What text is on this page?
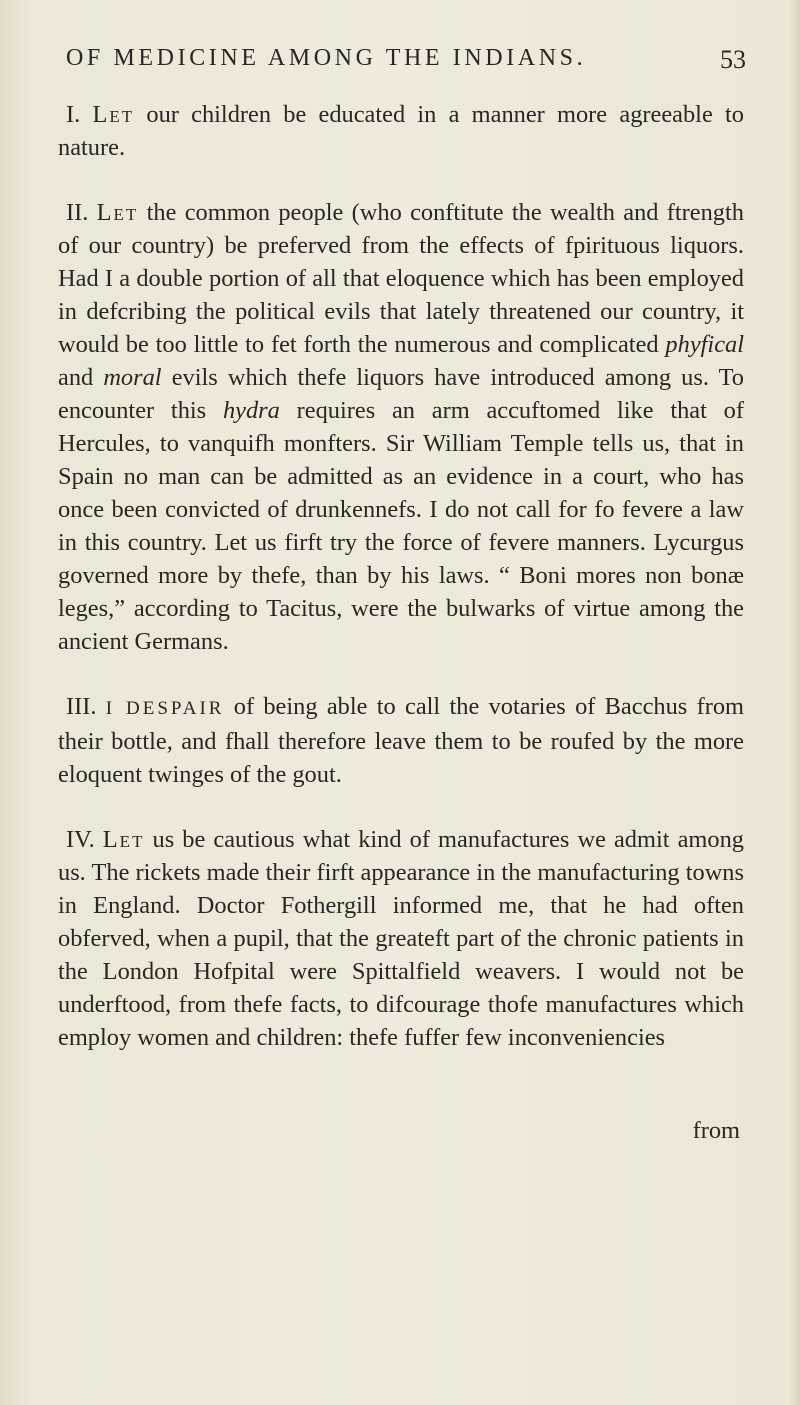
OF MEDICINE AMONG THE INDIANS.	53

I. Let our children be educated in a manner more agreeable to nature.

II. Let the common people (who conftitute the wealth and ftrength of our country) be preferved from the effects of fpirituous liquors. Had I a double portion of all that eloquence which has been employed in defcribing the political evils that lately threatened our country, it would be too little to fet forth the numerous and complicated phyfical and moral evils which thefe liquors have introduced among us. To encounter this hydra requires an arm accuftomed like that of Hercules, to vanquifh monfters. Sir William Temple tells us, that in Spain no man can be admitted as an evidence in a court, who has once been convicted of drunkennefs. I do not call for fo fevere a law in this country. Let us firft try the force of fevere manners. Lycurgus governed more by thefe, than by his laws. “ Boni mores non bonæ leges,” according to Tacitus, were the bulwarks of virtue among the ancient Germans.

III. I DESPAIR of being able to call the votaries of Bacchus from their bottle, and fhall therefore leave them to be roufed by the more eloquent twinges of the gout.

IV. Let us be cautious what kind of manufactures we admit among us. The rickets made their firft appearance in the manufacturing towns in England. Doctor Fothergill informed me, that he had often obferved, when a pupil, that the greateft part of the chronic patients in the London Hofpital were Spittalfield weavers. I would not be underftood, from thefe facts, to difcourage thofe manufactures which employ women and children: thefe fuffer few inconveniencies

from
